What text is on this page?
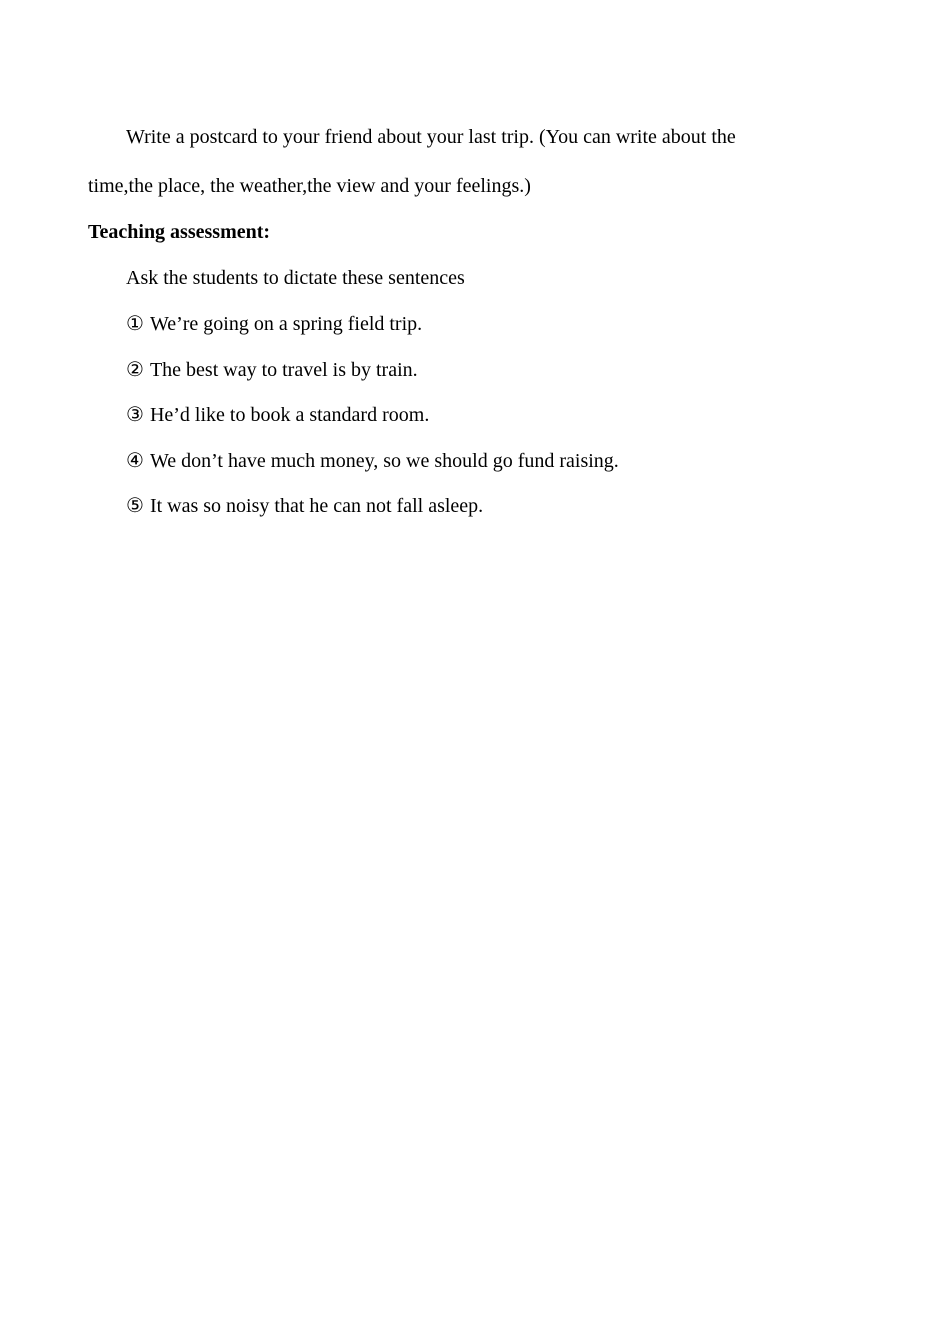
Write a postcard to your friend about your last trip. (You can write about the

time,the place, the weather,the view and your feelings.)

Teaching assessment:

Ask the students to dictate these sentences

① We’re going on a spring field trip.

② The best way to travel is by train.

③ He’d like to book a standard room.

④ We don’t have much money, so we should go fund raising.

⑤ It was so noisy that he can not fall asleep.
